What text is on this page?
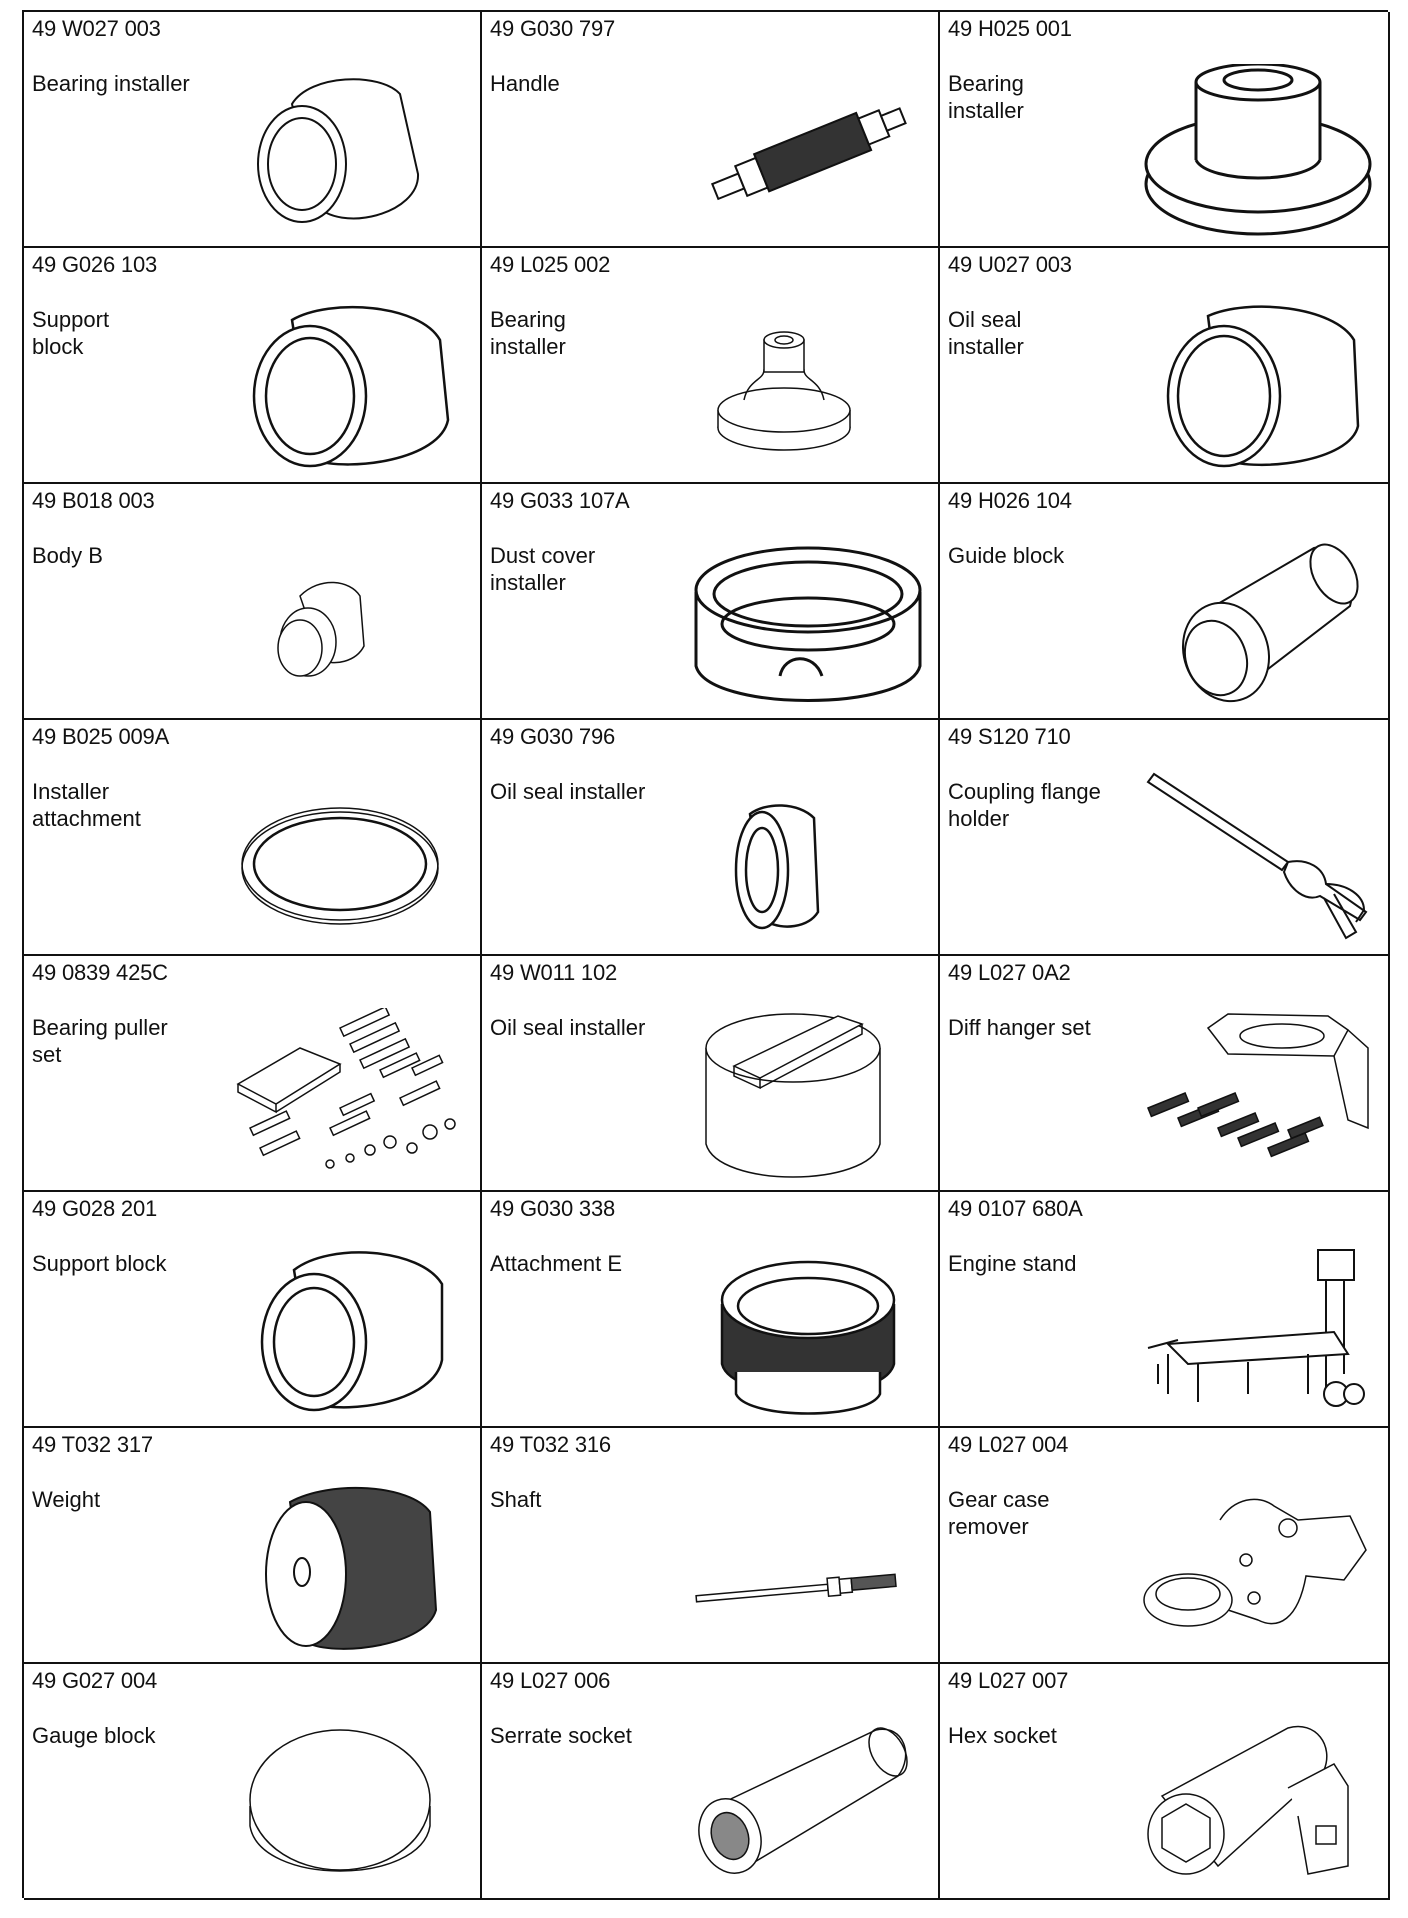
49 W027 003
Bearing installer
49 G030 797
Handle
49 H025 001
Bearing
installer
49 G026 103
Support
block
49 L025 002
Bearing
installer
49 U027 003
Oil seal
installer
49 B018 003
Body B
49 G033 107A
Dust cover
installer
49 H026 104
Guide block
49 B025 009A
Installer
attachment
49 G030 796
Oil seal installer
49 S120 710
Coupling flange
holder
49 0839 425C
Bearing puller
set
49 W011 102
Oil seal installer
49 L027 0A2
Diff hanger set
49 G028 201
Support block
49 G030 338
Attachment E
49 0107 680A
Engine stand
49 T032 317
Weight
49 T032 316
Shaft
49 L027 004
Gear case
remover
49 G027 004
Gauge block
49 L027 006
Serrate socket
49 L027 007
Hex socket
